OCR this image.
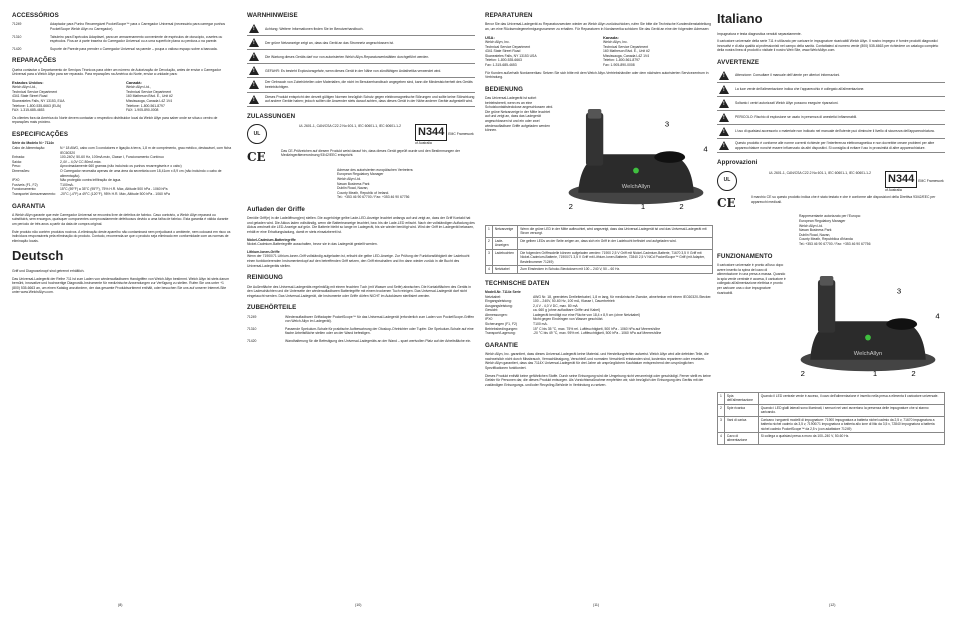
ACCESSÓRIOS
71249	Adaptador para Punho Recarregável PocketScope™ para o Carregador Universal (necessário para carregar punhos PocketScope Welch Allyn no Carregador).
71310	Tabuleiro para Espéculos Adaptável, para um armazenamento conveniente de espéculos de otoscópio, cuvetes ou espéculos. Fixa-se à parte traseira do Carregador Universal ou a uma superfície plana ou perdura-o na parede.
71420	Suporte de Parede para prender o Carregador Universal na parede – poupa o valioso espaço sobre a bancada.
REPARAÇÕES

Queira contactar o Departamento de Serviços Técnicos para obter um número de Autorização de Devolução, antes de enviar o Carregador Universal para a Welch Allyn para ser reparado. Para reparações na América do Norte, enviar a unidade para:

Estados Unidos:
Welch Allyn Ltd.,
Technical Service Department
4341 State Street Road
Skaneateles Falls, NY 13153, EUA
Telefone: 1-800-535-6663 (EUA)
FAX: 1-315-685-4653
Canadá:
Welch Allyn Ltd.,
Technical Service Department
160 Matheson Blvd. E., Unit #2
Mississauga, Canada L4Z 1V4
Telefone: 1-800-561-8797
FAX: 1-905-890-0008

Os clientes fora da América do Norte devem contactar o respectivo distribuidor local da Welch Allyn para saber onde se situa o centro de reparações mais próximo.

ESPECIFICAÇÕES
Série do Modelo N.º 7114x
Cabo de Alimentação:	N.º 18 AWG, cabo com 3 condutores e ligação à terra, 1,8 m de comprimento, grau médico, destacável, com ficha IEC60320
Entrada:	100-240V, 50-60 Hz, 100mA máx, Classe I, Funcionamento Contínuo
Saída:	2,4V – 4,0V CC 80mA máx.
Peso:	Aproximadamente 660 gramas (não incluindo os punhos recarregáveis e o cabo)
Dimensões:	O Carregador necessita apenas de uma área da secretária com 18,41cm x 8,9 cm (não incluindo o cabo de alimentação).
IPX0	Não protegido contra infiltração de água.
Fusíveis (F1, F2)	T100mA.
Funcionamento:	15°C (59°F) a 35°C (95°F), 75% H.R. Máx, Altitude 500 hPa - 1060 hPa
Transporte/ Armazenamento: -20°C (-4°F) a 49°C (120°F), 95% H.R. Máx, Altitude 500 hPa - 1060 hPa
GARANTIA

A Welch Allyn garante que este Carregador Universal se encontra livre de defeitos de fabrico. Caso contrário, a Welch Allyn reparará ou substituirá, sem encargos, quaisquer componentes comprovadamente defeituosos devido a uma falha de fabrico. Esta garantia é válida durante um período de três anos a partir da data de compra original.

Este produto não contém produtos nocivos. A eliminação deste aparelho não contaminará nem prejudicará o ambiente, nem colocará em risco os indivíduos responsáveis pela eliminação do produto. Contudo, recomenda-se que o produto seja eliminado em conformidade com as normas de eliminação locais.

Deutsch

Griff und Diagnoseknopf sind getrennt erhältlich.

Das Universal-Ladegerät der Reihe 711 ist zum Laden von wiederaufladbaren Handgriffen von Welch Allyn bestimmt. Welch Allyn ist stets darum bemüht, innovative und hochwertige Diagnostik-Instrumente für medizinische Anwendungen zur Verfügung zu stellen. Rufen Sie uns unter +1 (800) 535-6663 an, um einen Katalog anzufordern, der das gesamte Produktsortiment enthält, oder besuchen Sie uns auf unserer Internet-Site unter www.WelchAllyn.com.

(8)
WARNHINWEISE
!
Achtung: Weitere Informationen finden Sie im Benutzerhandbuch.
!
Der grüne Netzanzeige zeigt an, dass das Gerät an das Stromnetz angeschlossen ist.
!
Die Wartung dieses Geräts darf nur von autorisierten Welch Allyn-Reparaturwerkstätten durchgeführt werden.
!
GEFAHR: Es besteht Explosionsgefahr, wenn dieses Gerät in der Nähe von zündfähigen Anästhetika verwendet wird.
!
Der Gebrauch von Zubehörteilen oder Materialien, die nicht im Benutzerhandbuch angegeben sind, kann die Mindestsicherheit des Geräts beeinträchtigen.
!
Dieses Produkt entspricht den derzeit gültigen Normen bezüglich Schutz gegen elektromagnetische Störungen und sollte keine Störwirkung auf andere Geräte haben; jedoch sollten die Anwender stets darauf achten, dass dieses Gerät in der Nähe anderer Geräte aufgestellt wird.
ZULASSUNGEN
UL
UL 2601-1, CAN/CSA C22.2 No 601.1, IEC 60601-1, IEC 60601-1-2	N344 EMC Framework of Australia
CE	Das CE-Prüfzeichen auf diesem Produkt weist darauf hin, dass dieses Gerät geprüft wurde und den Bestimmungen der Medizingeräteverordnung 93/42/EEC entspricht.
Adresse des autorisierten europäischen Vertreters:
European Regulatory Manager
Welch Allyn Ltd.
Navan Business Park
Dublin Road, Navan,
County Meath, Republic of Ireland.
Tel.: +353 46 90 67700 / Fax: +353 46 90 67756
Aufladen der Griffe

Den/die Griff(e) in die Ladeöffnung(en) stellen. Die zugehörige gelbe Lade-LED-Anzeige leuchtet anfangs auf und zeigt an, dass der Griff Kontakt hat und geladen wird. Die Akkus laden vollständig, wenn die Batterieanzeige leuchtet, bzw. bis die Lade-LED erlischt. Nach der vollständigen Aufladung des Akkus wechselt die LED-Anzeige auf grün. Die Batterie bleibt so lange im Ladegerät, bis sie wieder benötigt wird. Wird der Griff im Ladegerät belassen, erhält er eine Erhaltungsladung, damit er stets einsatzbereit ist.

Nickel-Cadmium-Batteriegriffe

Nickel-Cadmium-Batteriegriffe ausschalten, bevor sie in das Ladegerät gestellt werden.

Lithium-Ionen-Griffe

Wenn der 71900/71 Lithium-Ionen-Griff vollständig aufgeladen ist, erlischt die gelbe LED-Anzeige. Zur Prüfung der Funktionsfähigkeit der Ladebucht einen funktionierenden Instrumentenkopf auf den betreffenden Griff setzen, den Griff einschalten und ihn dann wieder zurück in die Bucht des Universal-Ladegeräts stellen.

REINIGUNG

Die Außenfläche des Universal-Ladegeräts regelmäßig mit einem feuchten Tuch (mit Wasser und Seife) abwischen. Die Kontaktflächen des Geräts in den Ladeschächten und die Unterseite der wiederaufladbaren Batteriegriffe mit einem trockenen Tuch reinigen. Das Universal-Ladegerät darf nicht eingetaucht werden. Das Universal-Ladegerät, die Instrumente oder Griffe dürfen NICHT im Autoklaven sterilisiert werden.

ZUBEHÖRTEILE
71249	Wiederaufladbarer Griffadapter PocketScope™ für das Universal-Ladegerät (erforderlich zum Laden von PocketScope-Griffen von Welch Allyn im Ladegerät).
71310	Passende Spekulum-Schale für praktische Aufbewahrung der Otoskop-Ohrtrichter oder Tupfer. Die Spekulum-Schale auf eine flache Arbeitsfläche stellen oder an der Wand befestigen.
71420	Wandhalterung für die Befestigung des Universal-Ladegeräts an der Wand – spart wertvollen Platz auf der Arbeitsfläche ein.
(10)
REPARATUREN

Bevor Sie das Universal-Ladegerät zu Reparaturzwecken wieder an Welch Allyn zurückschicken, rufen Sie bitte die Technische Kundendienstabteilung an, um eine Rücksendegenehmigungsnummer zu erhalten. Für Reparaturen in Nordamerika schicken Sie das Gerät an eine der folgenden Adressen:

USA:
Welch Allyn, Inc.
Technical Service Department
4341 State Street Road
Skaneateles Falls, NY 13153 USA
Telefon: 1-800-535-6663
Fax: 1-315-685-4653
Kanada:
Welch Allyn, Inc.
Technical Service Department
160 Matheson Blvd. E., Unit #2
Mississauga, Canada L4Z 1V4
Telefon: 1-800-561-8797
Fax: 1-905-890-0008

Für Kunden außerhalb Nordamerikas: Setzen Sie sich bitte mit dem Welch Allyn-Vertriebshändler oder dem nächsten autorisierten Servicezentrum in Verbindung.

BEDIENUNG

Das Universal-Ladegerät ist sofort betriebsbereit, wenn es an eine Schutzkontaktsteckdose angeschlossen wird. Die grüne Netzanzeige in der Mitte leuchtet auf und zeigt an, dass das Ladegerät angeschlossen ist und ein oder zwei wiederaufladbare Griffe aufgeladen werden können.

WelchAllyn
3
4
1
2	2
1	Netzanzeige	Wenn die grüne LED in der Mitte aufleuchtet, wird angezeigt, dass das Universal-Ladegerät ist und das Universal-Ladegerät mit Strom versorgt.
2	Lade-Anzeigen	Die gelben LEDs an der Seite zeigen an, dass sich ein Griff in der Ladebucht befindet und aufgeladen wird.
3	Ladebuchten	Die folgenden Griffmodelle können aufgeladen werden: 71900 2,5 V Griff mit Nickel-Cadmium-Batterie, 71670 3,5 V Griff mit Nickel-Cadmium-Batterie, 71900/71 3,5 V Griff mit Lithium-Ionen-Batterie, 72840 2,5 V NiCd PocketScope™ Griff (mit Adapter, Bestellnummer 71249)
4	Netzkabel	Zum Einstecken in Schuko-Steckdosen mit 100 – 240 V, 50 – 60 Hz.
TECHNISCHE DATEN
Modell-Nr. 7114x Serie
Netzkabel:	AWG Nr. 18, geerdetes Dreileiterkabel, 1,8 m lang, für medizinische Zwecke, abnehmbar mit einem IEC60320-Stecker.
Eingangsleistung:	100 – 240V, 50-60 Hz, 100 mA, Klasse I, Dauerbetrieb
Ausgangsleistung:	2,4 V - 4,0 V DC, max. 80 mA
Gewicht:	ca. 660 g (ohne aufladbare Griffe und Kabel)
Abmessungen:	Ladegerät benötigt nur eine Fläche von 18,4 x 8,9 cm (ohne Netzkabel)
IPX0	Nicht gegen Eindringen von Wasser geschützt.
Sicherungen (F1, F2)	T100 mA.
Betriebsbedingungen:	15° C bis 35 °C, max. 75% rel. Luftfeuchtigkeit, 500 hPa - 1060 hPa auf Meereshöhe
Transport/Lagerung:	-20 °C bis 49 °C, max. 95% rel. Luftfeuchtigkeit, 500 hPa - 1060 hPa auf Meereshöhe
GARANTIE

Welch Allyn, Inc. garantiert, dass dieses Universal-Ladegerät keine Material- und Herstellungsfehler aufweist. Welch Allyn wird alle defekten Teile, die nachweislich nicht durch Missbrauch, Vernachlässigung, Verschleiß und normalen Verschleiß entstanden sind, kostenlos reparieren oder ersetzen. Welch Allyn garantiert, dass das 7114X Universal-Ladegerät für drei Jahre ab ursprünglichem Kaufdatum entsprechend den ursprünglichen Spezifikationen funktioniert.

Dieses Produkt enthält keine gefährlichen Stoffe. Durch seine Entsorgung wird die Umgebung nicht verunreinigt oder geschädigt. Ferner stellt es keine Gefahr für Personen dar, die dieses Produkt entsorgen. Als Vorsichtsmaßnahme empfehlen wir, sich bezüglich der Entsorgung des Geräts mit der zuständigen Entsorgungs- und/oder Recycling-Behörde in Verbindung zu setzen.

(11)
Italiano

Impugnatura e testa diagnostica venduti separatamente.

Il caricatore universale della serie 711 è utilizzato per caricare le impugnature ricaricabili Welch Allyn. Il nostro impegno è fornire prodotti diagnostici innovativi e di alta qualità ai professionisti nel campo della sanità. Contattateci al numero verde (800) 535-6663 per richiedere un catalogo completo della nostra linea di prodotti o visitate il nostro Web Site, www.WelchAllyn.com.

AVVERTENZE
!
Attenzione: Consultare il manuale dell'utente per ulteriori informazioni.
!
La luce verde dell'alimentazione indica che l'apparecchio è collegato all'alimentazione.
!
Soltanto i centri autorizzati Welch Allyn possono eseguire riparazioni.
!
PERICOLO: Rischio di esplosione se usato in presenza di anestetici infiammabili.
!
L'uso di qualsiasi accessorio o materiale non indicato nel manuale dell'utente può diminuire il livello di sicurezza dell'apparecchiatura.
!
Questo prodotto è conforme alle norme correnti richieste per l'interferenza elettromagnetica e non dovrebbe creare problemi per altre apparecchiature nonché essere influenzato da altri dispositivi. Si consiglia di evitare l'uso in prossimità di altre apparecchiature.
Approvazioni
UL
UL 2601-1, CAN/CSA C22.2 No 601.1, IEC 60601-1, IEC 60601-1-2	N344 EMC Framework of Australia
CE	Il marchio CE su questo prodotto indica che è stato testato e che è conforme alle disposizioni della Direttiva 93/42/EEC per apparecchi medicali.
Rappresentante autorizzato per l'Europa:
European Regulatory Manager
Welch Allyn Ltd.
Navan Business Park
Dublin Road, Navan,
County Meath, Repubblica d'Irlanda
Tel.:+353 46 90 67700 / Fax: +353 46 90 67756
FUNZIONAMENTO

Il caricatore universale è pronto all'uso dopo avere inserito la spina del cavo di alimentazione in una presa a massa. Quando la spia verde centrale è accesa, il caricatore è collegato all'alimentazione elettrica e pronto per caricare una o due impugnature ricaricabili.

WelchAllyn
3
4
1
2	2
1	Spia dell'alimentazione	Quando il LED centrale verde è acceso, il cavo dell'alimentazione è inserito nella presa a elimenta il caricatore universale.
2	Spie ricarica	Quando i LED gialli laterali sono illuminati, i sensori nei vani avvertono la presenza delle impugnature che si stanno caricando.
3	Vani di carica	Caricano i seguenti modelli di impugnature: 71900 impugnatura a batteria nichel cadmio da 2,5 v, 71670 impugnatura a batteria nichel cadmio da 3,5 v, 71900/71 impugnatura a batteria allo ione di litio da 3,5 v, 72840 impugnatura a batteria nichel cadmio PocketScope™ da 2,5 v (con adattatore 71249)
4	Cavo di alimentazione	Si collega a qualsiasi presa a muro da 100–240 V, 50-60 Hz.
(12)
